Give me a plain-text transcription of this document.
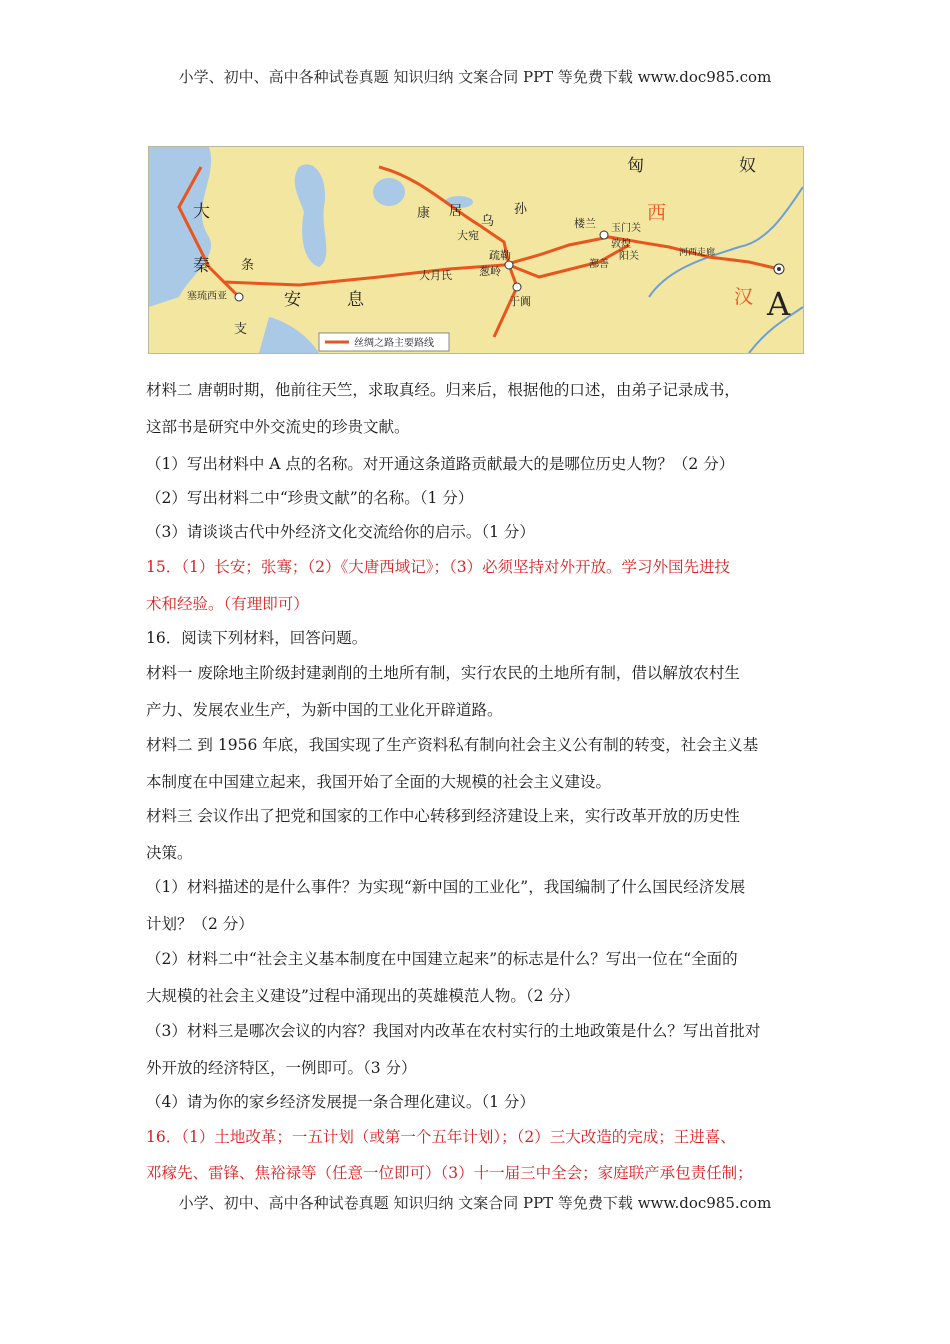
小学、初中、高中各种试卷真题 知识归纳 文案合同 PPT 等免费下载 www.doc985.com
匈	奴
大
秦
康 居
乌
孙
大宛
疏勒
葱岭
大月氏
于阗
楼兰 玉门关
敦煌
阳关
鄯善
河西走廊
西
汉 A
条
安	息
支
塞琉西亚
丝绸之路主要路线
材料二 唐朝时期，他前往天竺，求取真经。归来后，根据他的口述，由弟子记录成书，
这部书是研究中外交流史的珍贵文献。
（1）写出材料中 A 点的名称。对开通这条道路贡献最大的是哪位历史人物？（2 分）
（2）写出材料二中“珍贵文献”的名称。（1 分）
（3）请谈谈古代中外经济文化交流给你的启示。（1 分）
15．（1）长安；张骞；（2）《大唐西域记》；（3）必须坚持对外开放。学习外国先进技
术和经验。（有理即可）
16．阅读下列材料，回答问题。
材料一 废除地主阶级封建剥削的土地所有制，实行农民的土地所有制，借以解放农村生
产力、发展农业生产，为新中国的工业化开辟道路。
材料二 到 1956 年底，我国实现了生产资料私有制向社会主义公有制的转变，社会主义基
本制度在中国建立起来，我国开始了全面的大规模的社会主义建设。
材料三 会议作出了把党和国家的工作中心转移到经济建设上来，实行改革开放的历史性
决策。
（1）材料描述的是什么事件？为实现“新中国的工业化”，我国编制了什么国民经济发展
计划？（2 分）
（2）材料二中“社会主义基本制度在中国建立起来”的标志是什么？写出一位在“全面的
大规模的社会主义建设”过程中涌现出的英雄模范人物。（2 分）
（3）材料三是哪次会议的内容？我国对内改革在农村实行的土地政策是什么？写出首批对
外开放的经济特区，一例即可。（3 分）
（4）请为你的家乡经济发展提一条合理化建议。（1 分）
16．（1）土地改革；一五计划（或第一个五年计划）；（2）三大改造的完成；王进喜、
邓稼先、雷锋、焦裕禄等（任意一位即可）（3）十一届三中全会；家庭联产承包责任制；
小学、初中、高中各种试卷真题 知识归纳 文案合同 PPT 等免费下载 www.doc985.com
